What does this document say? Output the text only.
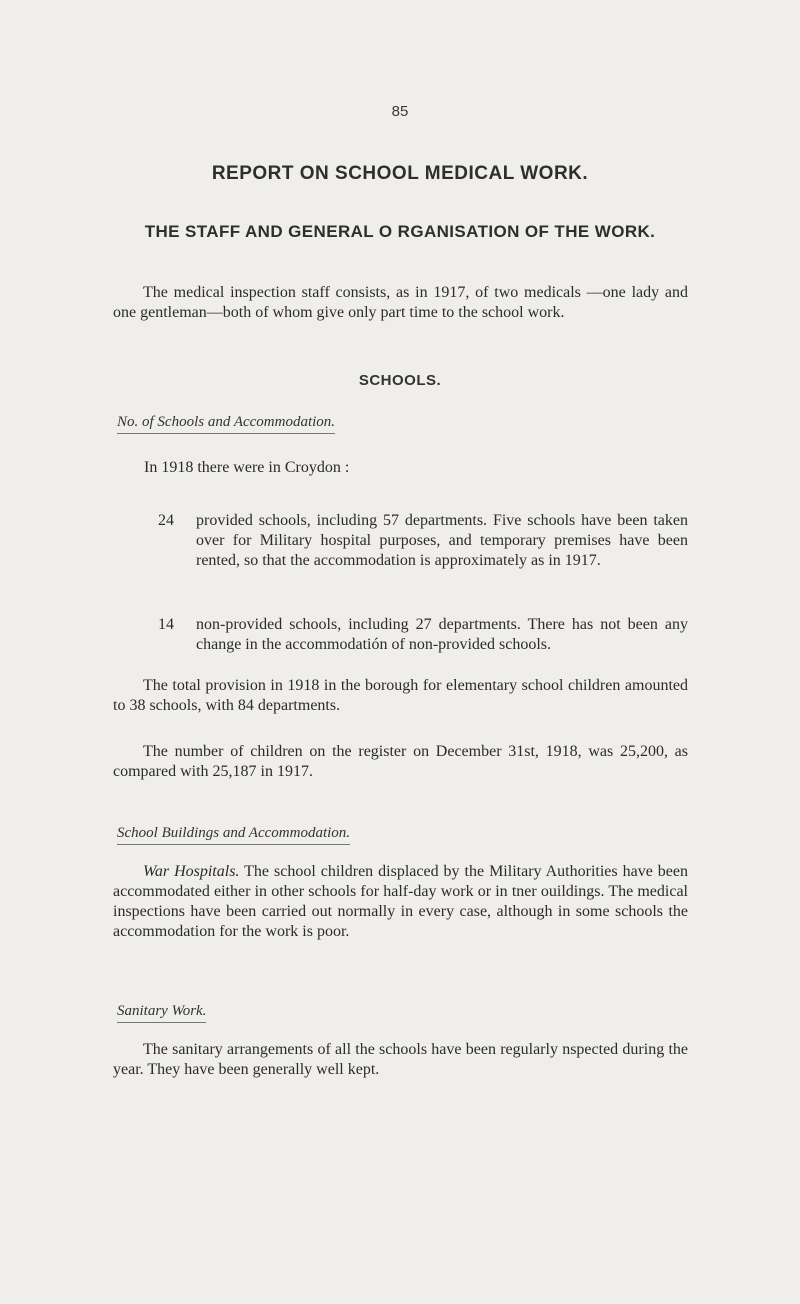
85
REPORT ON SCHOOL MEDICAL WORK.
THE STAFF AND GENERAL O RGANISATION OF THE WORK.
The medical inspection staff consists, as in 1917, of two medicals —one lady and one gentleman—both of whom give only part time to the school work.
SCHOOLS.
No. of Schools and Accommodation.
In 1918 there were in Croydon :
24	provided schools, including 57 departments. Five schools have been taken over for Military hospital purposes, and temporary premises have been rented, so that the accommodation is approximately as in 1917.
14	non-provided schools, including 27 departments. There has not been any change in the accommodatión of non-provided schools.
The total provision in 1918 in the borough for elementary school children amounted to 38 schools, with 84 departments.
The number of children on the register on December 31st, 1918, was 25,200, as compared with 25,187 in 1917.
School Buildings and Accommodation.
War Hospitals. The school children displaced by the Military Authorities have been accommodated either in other schools for half-day work or in tner ouildings. The medical inspections have been carried out normally in every case, although in some schools the accommodation for the work is poor.
Sanitary Work.
The sanitary arrangements of all the schools have been regularly nspected during the year. They have been generally well kept.
